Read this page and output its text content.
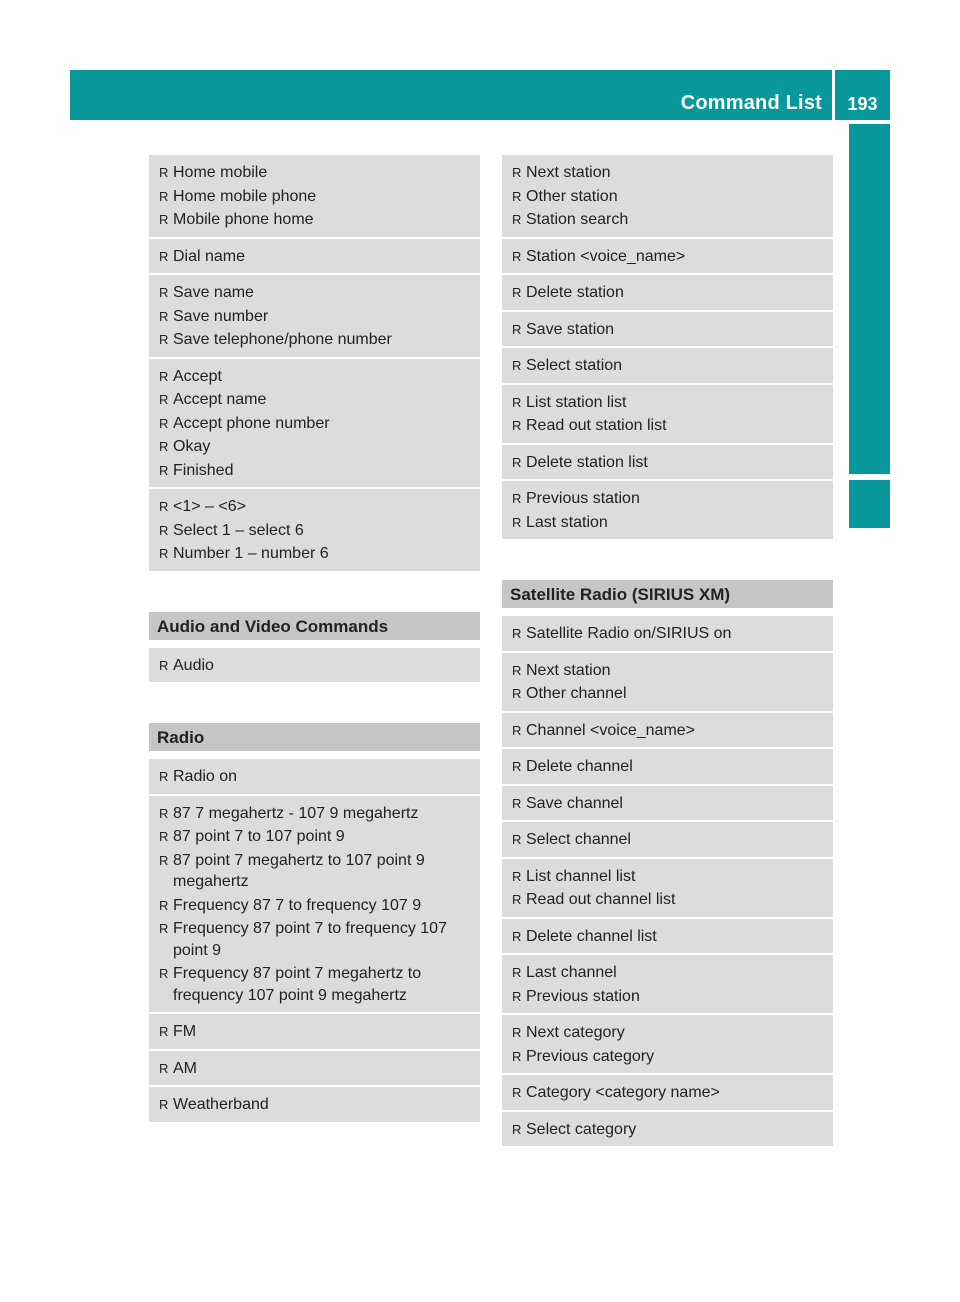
Command List	193
Voice Control
R Home mobile
R Home mobile phone
R Mobile phone home
R Dial name
R Save name
R Save number
R Save telephone/phone number
R Accept
R Accept name
R Accept phone number
R Okay
R Finished
R <1> – <6>
R Select 1 – select 6
R Number 1 – number 6
Audio and Video Commands
R Audio
Radio
R Radio on
R 87 7 megahertz - 107 9 megahertz
R 87 point 7 to 107 point 9
R 87 point 7 megahertz to 107 point 9 megahertz
R Frequency 87 7 to frequency 107 9
R Frequency 87 point 7 to frequency 107 point 9
R Frequency 87 point 7 megahertz to frequency 107 point 9 megahertz
R FM
R AM
R Weatherband
R Next station
R Other station
R Station search
R Station <voice_name>
R Delete station
R Save station
R Select station
R List station list
R Read out station list
R Delete station list
R Previous station
R Last station
Satellite Radio (SIRIUS XM)
R Satellite Radio on/SIRIUS on
R Next station
R Other channel
R Channel <voice_name>
R Delete channel
R Save channel
R Select channel
R List channel list
R Read out channel list
R Delete channel list
R Last channel
R Previous station
R Next category
R Previous category
R Category <category name>
R Select category
